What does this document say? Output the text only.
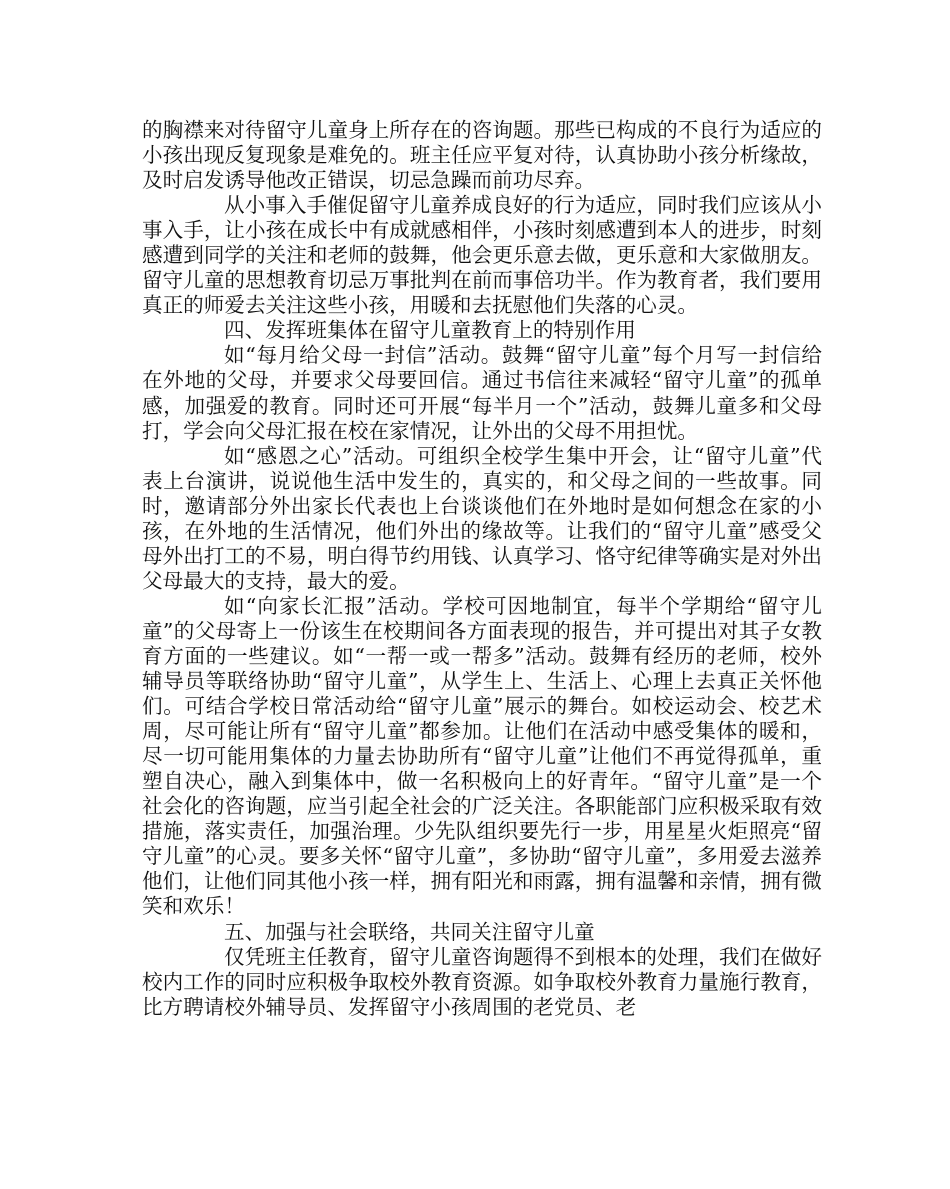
的胸襟来对待留守儿童身上所存在的咨询题。那些已构成的不良行为适应的小孩出现反复现象是难免的。班主任应平复对待，认真协助小孩分析缘故，及时启发诱导他改正错误，切忌急躁而前功尽弃。

从小事入手催促留守儿童养成良好的行为适应，同时我们应该从小事入手，让小孩在成长中有成就感相伴，小孩时刻感遭到本人的进步，时刻感遭到同学的关注和老师的鼓舞，他会更乐意去做，更乐意和大家做朋友。留守儿童的思想教育切忌万事批判在前而事倍功半。作为教育者，我们要用真正的师爱去关注这些小孩，用暖和去抚慰他们失落的心灵。

四、发挥班集体在留守儿童教育上的特别作用

如“每月给父母一封信”活动。鼓舞“留守儿童”每个月写一封信给在外地的父母，并要求父母要回信。通过书信往来减轻“留守儿童”的孤单感，加强爱的教育。同时还可开展“每半月一个”活动，鼓舞儿童多和父母打，学会向父母汇报在校在家情况，让外出的父母不用担忧。

如“感恩之心”活动。可组织全校学生集中开会，让“留守儿童”代表上台演讲，说说他生活中发生的，真实的，和父母之间的一些故事。同时，邀请部分外出家长代表也上台谈谈他们在外地时是如何想念在家的小孩，在外地的生活情况，他们外出的缘故等。让我们的“留守儿童”感受父母外出打工的不易，明白得节约用钱、认真学习、恪守纪律等确实是对外出父母最大的支持，最大的爱。

如“向家长汇报”活动。学校可因地制宜，每半个学期给“留守儿童”的父母寄上一份该生在校期间各方面表现的报告，并可提出对其子女教育方面的一些建议。如“一帮一或一帮多”活动。鼓舞有经历的老师，校外辅导员等联络协助“留守儿童”，从学生上、生活上、心理上去真正关怀他们。可结合学校日常活动给“留守儿童”展示的舞台。如校运动会、校艺术周，尽可能让所有“留守儿童”都参加。让他们在活动中感受集体的暖和，尽一切可能用集体的力量去协助所有“留守儿童”让他们不再觉得孤单，重塑自决心，融入到集体中，做一名积极向上的好青年。“留守儿童”是一个社会化的咨询题，应当引起全社会的广泛关注。各职能部门应积极采取有效措施，落实责任，加强治理。少先队组织要先行一步，用星星火炬照亮“留守儿童”的心灵。要多关怀“留守儿童”，多协助“留守儿童”，多用爱去滋养他们，让他们同其他小孩一样，拥有阳光和雨露，拥有温馨和亲情，拥有微笑和欢乐！

五、加强与社会联络，共同关注留守儿童

仅凭班主任教育，留守儿童咨询题得不到根本的处理，我们在做好校内工作的同时应积极争取校外教育资源。如争取校外教育力量施行教育，比方聘请校外辅导员、发挥留守小孩周围的老党员、老
